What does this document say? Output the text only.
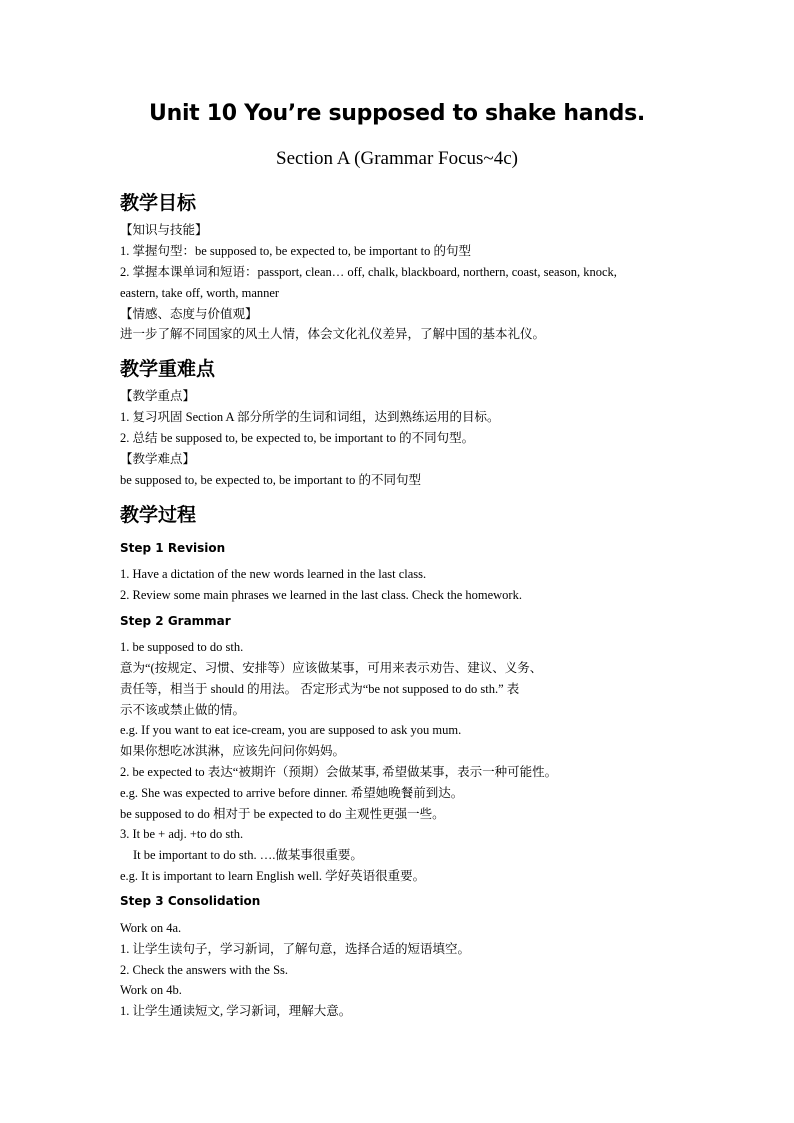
Unit 10 You’re supposed to shake hands.
Section A (Grammar Focus~4c)
教学目标
【知识与技能】
1. 掌握句型：be supposed to, be expected to, be important to 的句型
2. 掌握本课单词和短语：passport, clean… off, chalk, blackboard, northern, coast, season, knock,
eastern, take off, worth, manner
【情感、态度与价值观】
进一步了解不同国家的风土人情，体会文化礼仪差异，了解中国的基本礼仪。
教学重难点
【教学重点】
1. 复习巩固 Section A 部分所学的生词和词组，达到熟练运用的目标。
2. 总结 be supposed to, be expected to, be important to 的不同句型。
【教学难点】
be supposed to, be expected to, be important to 的不同句型
教学过程
Step 1 Revision
1. Have a dictation of the new words learned in the last class.
2. Review some main phrases we learned in the last class. Check the homework.
Step 2 Grammar
1. be supposed to do sth.
意为“(按规定、习惯、安排等）应该做某事，可用来表示劝告、建议、义务、
责任等，相当于 should 的用法。 否定形式为“be not supposed to do sth.” 表
示不该或禁止做的情。
e.g. If you want to eat ice-cream, you are supposed to ask you mum.
如果你想吃冰淇淋，应该先问问你妈妈。
2. be expected to 表达“被期许（预期）会做某事, 希望做某事，表示一种可能性。
e.g. She was expected to arrive before dinner. 希望她晚餐前到达。
be supposed to do 相对于 be expected to do 主观性更强一些。
3. It be + adj. +to do sth.
It be important to do sth. ….做某事很重要。
e.g. It is important to learn English well. 学好英语很重要。
Step 3 Consolidation
Work on 4a.
1. 让学生读句子，学习新词，了解句意，选择合适的短语填空。
2. Check the answers with the Ss.
Work on 4b.
1. 让学生通读短文, 学习新词，理解大意。
